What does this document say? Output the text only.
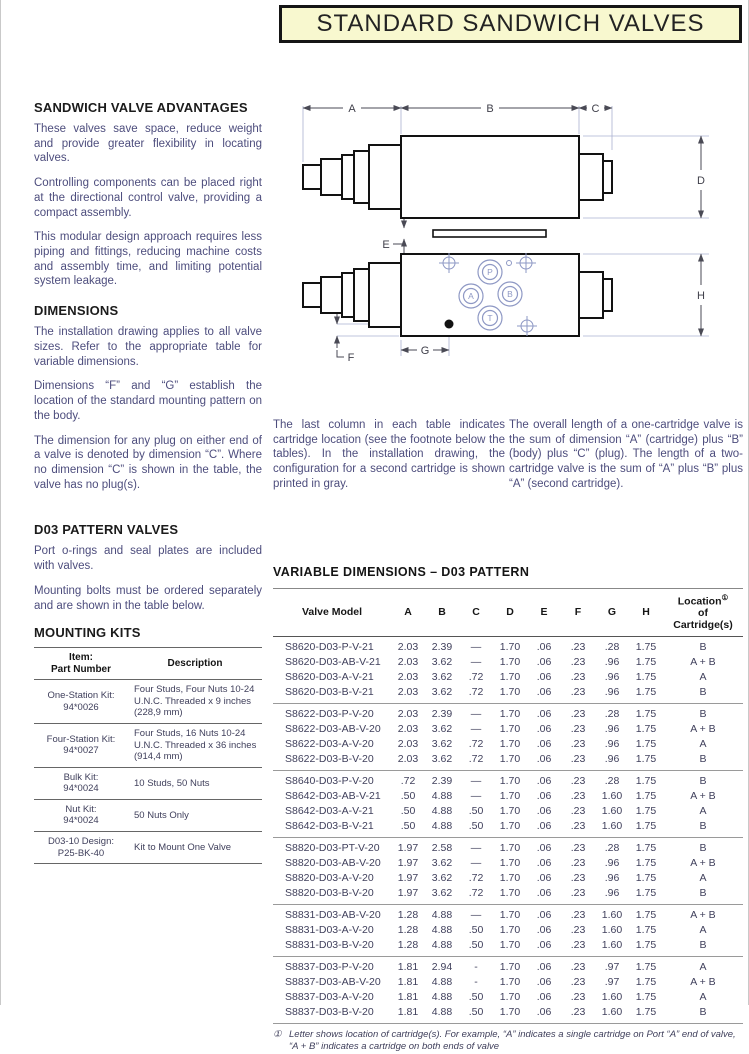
STANDARD SANDWICH VALVES
SANDWICH VALVE ADVANTAGES

These valves save space, reduce weight and provide greater flexibility in locating valves.

Controlling components can be placed right at the directional control valve, providing a compact assembly.

This modular design approach requires less piping and fittings, reducing machine costs and assembly time, and limiting potential system leakage.

DIMENSIONS

The installation drawing applies to all valve sizes. Refer to the appropriate table for variable dimensions.

Dimensions “F” and “G” establish the location of the standard mounting pattern on the body.

The dimension for any plug on either end of a valve is denoted by dimension “C”. Where no dimension “C” is shown in the table, the valve has no plug(s).

D03 PATTERN VALVES

Port o-rings and seal plates are included with valves.

Mounting bolts must be ordered separately and are shown in the table below.

MOUNTING KITS
Item:
Part Number	Description

One-Station Kit:
94*0026	Four Studs, Four Nuts 10-24 U.N.C. Threaded x 9 inches (228,9 mm)

Four-Station Kit:
94*0027	Four Studs, 16 Nuts 10-24 U.N.C. Threaded x 36 inches (914,4 mm)

Bulk Kit:
94*0024	10 Studs, 50 Nuts

Nut Kit:
94*0024	50 Nuts Only

D03-10 Design:
P25-BK-40	Kit to Mount One Valve
A	B	C
D
E
H
F
G
P
A	B
T

The last column in each table indicates cartridge location (see the footnote below the tables). In the installation drawing, the configuration for a second cartridge is shown printed in gray.

The overall length of a one-cartridge valve is the sum of dimension “A” (cartridge) plus “B” (body) plus “C” (plug). The length of a two-cartridge valve is the sum of “A” plus “B” plus “A” (second cartridge).

VARIABLE DIMENSIONS – D03 PATTERN
Valve Model	A	B	C	D	E	F	G	H	Location①
of
Cartridge(s)

S8620-D03-P-V-21	2.03	2.39	—	1.70	.06	.23	.28	1.75	B
S8620-D03-AB-V-21	2.03	3.62	—	1.70	.06	.23	.96	1.75	A + B
S8620-D03-A-V-21	2.03	3.62	.72	1.70	.06	.23	.96	1.75	A
S8620-D03-B-V-21	2.03	3.62	.72	1.70	.06	.23	.96	1.75	B
S8622-D03-P-V-20	2.03	2.39	—	1.70	.06	.23	.28	1.75	B
S8622-D03-AB-V-20	2.03	3.62	—	1.70	.06	.23	.96	1.75	A + B
S8622-D03-A-V-20	2.03	3.62	.72	1.70	.06	.23	.96	1.75	A
S8622-D03-B-V-20	2.03	3.62	.72	1.70	.06	.23	.96	1.75	B
S8640-D03-P-V-20	.72	2.39	—	1.70	.06	.23	.28	1.75	B
S8642-D03-AB-V-21	.50	4.88	—	1.70	.06	.23	1.60	1.75	A + B
S8642-D03-A-V-21	.50	4.88	.50	1.70	.06	.23	1.60	1.75	A
S8642-D03-B-V-21	.50	4.88	.50	1.70	.06	.23	1.60	1.75	B
S8820-D03-PT-V-20	1.97	2.58	—	1.70	.06	.23	.28	1.75	B
S8820-D03-AB-V-20	1.97	3.62	—	1.70	.06	.23	.96	1.75	A + B
S8820-D03-A-V-20	1.97	3.62	.72	1.70	.06	.23	.96	1.75	A
S8820-D03-B-V-20	1.97	3.62	.72	1.70	.06	.23	.96	1.75	B
S8831-D03-AB-V-20	1.28	4.88	—	1.70	.06	.23	1.60	1.75	A + B
S8831-D03-A-V-20	1.28	4.88	.50	1.70	.06	.23	1.60	1.75	A
S8831-D03-B-V-20	1.28	4.88	.50	1.70	.06	.23	1.60	1.75	B
S8837-D03-P-V-20	1.81	2.94	-	1.70	.06	.23	.97	1.75	A
S8837-D03-AB-V-20	1.81	4.88	-	1.70	.06	.23	.97	1.75	A + B
S8837-D03-A-V-20	1.81	4.88	.50	1.70	.06	.23	1.60	1.75	A
S8837-D03-B-V-20	1.81	4.88	.50	1.70	.06	.23	1.60	1.75	B
① Letter shows location of cartridge(s). For example, “A” indicates a single cartridge on Port “A” end of valve, “A + B” indicates a cartridge on both ends of valve
